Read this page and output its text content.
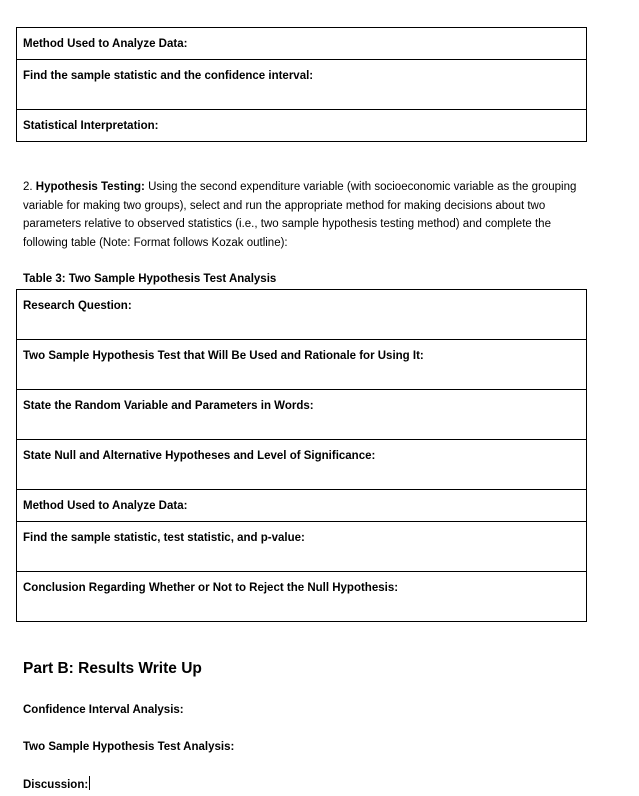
Method Used to Analyze Data:

Find the sample statistic and the confidence interval:

Statistical Interpretation:
2. Hypothesis Testing: Using the second expenditure variable (with socioeconomic variable as the grouping variable for making two groups), select and run the appropriate method for making decisions about two parameters relative to observed statistics (i.e., two sample hypothesis testing method) and complete the following table (Note: Format follows Kozak outline):
Table 3: Two Sample Hypothesis Test Analysis
Research Question:

Two Sample Hypothesis Test that Will Be Used and Rationale for Using It:

State the Random Variable and Parameters in Words:

State Null and Alternative Hypotheses and Level of Significance:

Method Used to Analyze Data:

Find the sample statistic, test statistic, and p-value:

Conclusion Regarding Whether or Not to Reject the Null Hypothesis:
Part B: Results Write Up
Confidence Interval Analysis:
Two Sample Hypothesis Test Analysis:
Discussion:
